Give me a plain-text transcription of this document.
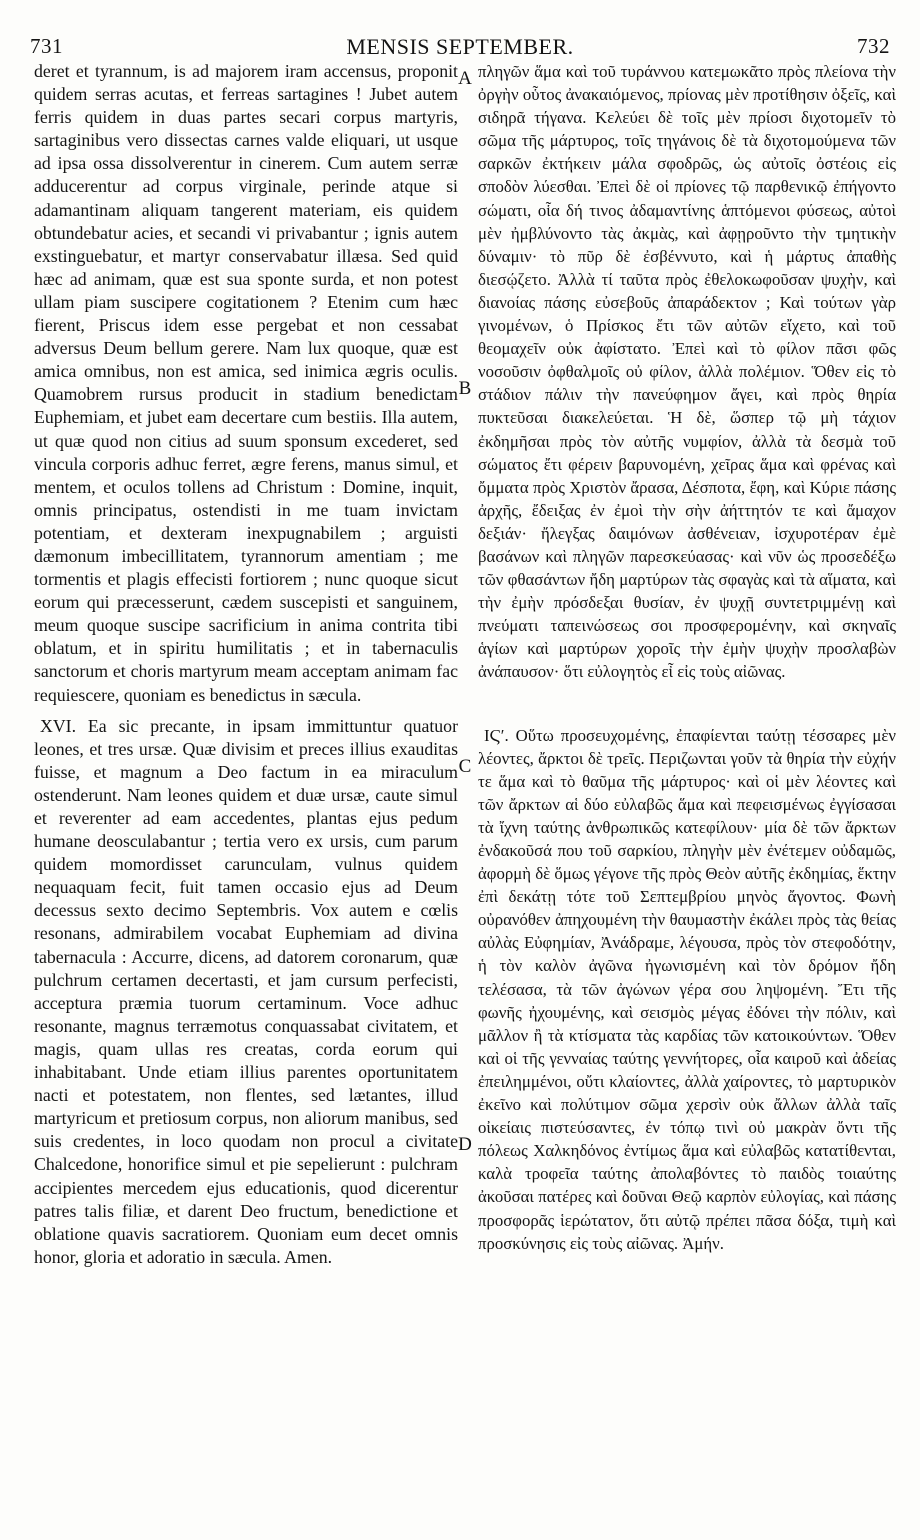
731	MENSIS SEPTEMBER.	732

deret et tyrannum, is ad majorem iram accensus, proponit quidem serras acutas, et ferreas sartagines ! Jubet autem ferris quidem in duas partes secari corpus martyris, sartaginibus vero dissectas carnes valde eliquari, ut usque ad ipsa ossa dissolverentur in cinerem. Cum autem serræ adducerentur ad corpus virginale, perinde atque si adamantinam aliquam tangerent materiam, eis quidem obtundebatur acies, et secandi vi privabantur ; ignis autem exstinguebatur, et martyr conservabatur illæsa. Sed quid hæc ad animam, quæ est sua sponte surda, et non potest ullam piam suscipere cogitationem ? Etenim cum hæc fierent, Priscus idem esse pergebat et non cessabat adversus Deum bellum gerere. Nam lux quoque, quæ est amica omnibus, non est amica, sed inimica ægris oculis. Quamobrem rursus producit in stadium benedictam Euphemiam, et jubet eam decertare cum bestiis. Illa autem, ut quæ quod non citius ad suum sponsum excederet, sed vincula corporis adhuc ferret, ægre ferens, manus simul, et mentem, et oculos tollens ad Christum : Domine, inquit, omnis principatus, ostendisti in me tuam invictam potentiam, et dexteram inexpugnabilem ; arguisti dæmonum imbecillitatem, tyrannorum amentiam ; me tormentis et plagis effecisti fortiorem ; nunc quoque sicut eorum qui præcesserunt, cædem suscepisti et sanguinem, meum quoque suscipe sacrificium in anima contrita tibi oblatum, et in spiritu humilitatis ; et in tabernaculis sanctorum et choris martyrum meam acceptam animam fac requiescere, quoniam es benedictus in sæcula.

XVI. Ea sic precante, in ipsam immittuntur quatuor leones, et tres ursæ. Quæ divisim et preces illius exauditas fuisse, et magnum a Deo factum in ea miraculum ostenderunt. Nam leones quidem et duæ ursæ, caute simul et reverenter ad eam accedentes, plantas ejus pedum humane deosculabantur ; tertia vero ex ursis, cum parum quidem momordisset carunculam, vulnus quidem nequaquam fecit, fuit tamen occasio ejus ad Deum decessus sexto decimo Septembris. Vox autem e cœlis resonans, admirabilem vocabat Euphemiam ad divina tabernacula : Accurre, dicens, ad datorem coronarum, quæ pulchrum certamen decertasti, et jam cursum perfecisti, acceptura præmia tuorum certaminum. Voce adhuc resonante, magnus terræmotus conquassabat civitatem, et magis, quam ullas res creatas, corda eorum qui inhabitabant. Unde etiam illius parentes oportunitatem nacti et potestatem, non flentes, sed lætantes, illud martyricum et pretiosum corpus, non aliorum manibus, sed suis credentes, in loco quodam non procul a civitate Chalcedone, honorifice simul et pie sepelierunt : pulchram accipientes mercedem ejus educationis, quod dicerentur patres talis filiæ, et darent Deo fructum, benedictione et oblatione quavis sacratiorem. Quoniam eum decet omnis honor, gloria et adoratio in sæcula. Amen.

A
B
C
D

πληγῶν ἅμα καὶ τοῦ τυράννου κατεμωκᾶτο πρὸς πλείονα τὴν ὀργὴν οὗτος ἀνακαιόμενος, πρίονας μὲν προτίθησιν ὀξεῖς, καὶ σιδηρᾶ τήγανα. Κελεύει δὲ τοῖς μὲν πρίοσι διχοτομεῖν τὸ σῶμα τῆς μάρτυρος, τοῖς τηγάνοις δὲ τὰ διχοτομούμενα τῶν σαρκῶν ἐκτήκειν μάλα σφοδρῶς, ὡς αὐτοῖς ὀστέοις εἰς σποδὸν λύεσθαι. Ἐπεὶ δὲ οἱ πρίονες τῷ παρθενικῷ ἐπήγοντο σώματι, οἷα δή τινος ἀδαμαντίνης ἁπτόμενοι φύσεως, αὐτοὶ μὲν ἠμβλύνοντο τὰς ἀκμὰς, καὶ ἀφῃροῦντο τὴν τμητικὴν δύναμιν· τὸ πῦρ δὲ ἐσβέννυτο, καὶ ἡ μάρτυς ἀπαθὴς διεσῴζετο. Ἀλλὰ τί ταῦτα πρὸς ἐθελοκωφοῦσαν ψυχὴν, καὶ διανοίας πάσης εὐσεβοῦς ἀπαράδεκτον ; Καὶ τούτων γὰρ γινομένων, ὁ Πρίσκος ἔτι τῶν αὐτῶν εἴχετο, καὶ τοῦ θεομαχεῖν οὐκ ἀφίστατο. Ἐπεὶ καὶ τὸ φίλον πᾶσι φῶς νοσοῦσιν ὀφθαλμοῖς οὐ φίλον, ἀλλὰ πολέμιον. Ὅθεν εἰς τὸ στάδιον πάλιν τὴν πανεύφημον ἄγει, καὶ πρὸς θηρία πυκτεῦσαι διακελεύεται. Ἡ δὲ, ὥσπερ τῷ μὴ τάχιον ἐκδημῆσαι πρὸς τὸν αὐτῆς νυμφίον, ἀλλὰ τὰ δεσμὰ τοῦ σώματος ἔτι φέρειν βαρυνομένη, χεῖρας ἅμα καὶ φρένας καὶ ὄμματα πρὸς Χριστὸν ἄρασα, Δέσποτα, ἔφη, καὶ Κύριε πάσης ἀρχῆς, ἔδειξας ἐν ἐμοὶ τὴν σὴν ἀήττητόν τε καὶ ἄμαχον δεξιάν· ἤλεγξας δαιμόνων ἀσθένειαν, ἰσχυροτέραν ἐμὲ βασάνων καὶ πληγῶν παρεσκεύασας· καὶ νῦν ὡς προσεδέξω τῶν φθασάντων ἤδη μαρτύρων τὰς σφαγὰς καὶ τὰ αἵματα, καὶ τὴν ἐμὴν πρόσδεξαι θυσίαν, ἐν ψυχῇ συντετριμμένῃ καὶ πνεύματι ταπεινώσεως σοι προσφερομένην, καὶ σκηναῖς ἁγίων καὶ μαρτύρων χοροῖς τὴν ἐμὴν ψυχὴν προσλαβὼν ἀνάπαυσον· ὅτι εὐλογητὸς εἶ εἰς τοὺς αἰῶνας.

ΙϚʹ. Οὕτω προσευχομένης, ἐπαφίενται ταύτῃ τέσσαρες μὲν λέοντες, ἄρκτοι δὲ τρεῖς. Περιζωνται γοῦν τὰ θηρία τὴν εὐχήν τε ἅμα καὶ τὸ θαῦμα τῆς μάρτυρος· καὶ οἱ μὲν λέοντες καὶ τῶν ἄρκτων αἱ δύο εὐλαβῶς ἅμα καὶ πεφεισμένως ἐγγίσασαι τὰ ἴχνη ταύτης ἀνθρωπικῶς κατεφίλουν· μία δὲ τῶν ἄρκτων ἐνδακοῦσά που τοῦ σαρκίου, πληγὴν μὲν ἐνέτεμεν οὐδαμῶς, ἀφορμὴ δὲ ὅμως γέγονε τῆς πρὸς Θεὸν αὐτῆς ἐκδημίας, ἕκτην ἐπὶ δεκάτῃ τότε τοῦ Σεπτεμβρίου μηνὸς ἄγοντος. Φωνὴ οὐρανόθεν ἀπηχουμένη τὴν θαυμαστὴν ἐκάλει πρὸς τὰς θείας αὐλὰς Εὐφημίαν, Ἀνάδραμε, λέγουσα, πρὸς τὸν στεφοδότην, ἡ τὸν καλὸν ἀγῶνα ἠγωνισμένη καὶ τὸν δρόμον ἤδη τελέσασα, τὰ τῶν ἀγώνων γέρα σου ληψομένη. Ἔτι τῆς φωνῆς ἠχουμένης, καὶ σεισμὸς μέγας ἐδόνει τὴν πόλιν, καὶ μᾶλλον ἢ τὰ κτίσματα τὰς καρδίας τῶν κατοικούντων. Ὅθεν καὶ οἱ τῆς γενναίας ταύτης γεννήτορες, οἷα καιροῦ καὶ ἀδείας ἐπειλημμένοι, οὔτι κλαίοντες, ἀλλὰ χαίροντες, τὸ μαρτυρικὸν ἐκεῖνο καὶ πολύτιμον σῶμα χερσὶν οὐκ ἄλλων ἀλλὰ ταῖς οἰκείαις πιστεύσαντες, ἐν τόπῳ τινὶ οὐ μακρὰν ὄντι τῆς πόλεως Χαλκηδόνος ἐντίμως ἅμα καὶ εὐλαβῶς κατατίθενται, καλὰ τροφεῖα ταύτης ἀπολαβόντες τὸ παιδὸς τοιαύτης ἀκοῦσαι πατέρες καὶ δοῦναι Θεῷ καρπὸν εὐλογίας, καὶ πάσης προσφορᾶς ἱερώτατον, ὅτι αὐτῷ πρέπει πᾶσα δόξα, τιμὴ καὶ προσκύνησις εἰς τοὺς αἰῶνας. Ἀμήν.
